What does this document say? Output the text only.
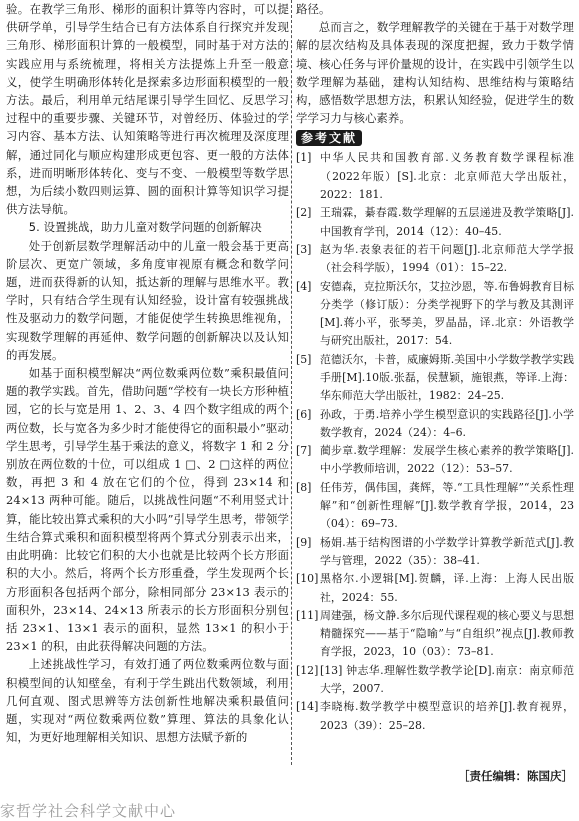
验。在教学三角形、梯形的面积计算等内容时，可以提供研学单，引导学生结合已有方法体系自行探究并发现三角形、梯形面积计算的一般模型，同时基于对方法的实践应用与系统梳理，将相关方法提炼上升至一般意义，使学生明确形体转化是探索多边形面积模型的一般方法。最后，利用单元结尾课引导学生回忆、反思学习过程中的重要步骤、关键环节，对曾经历、体验过的学习内容、基本方法、认知策略等进行再次梳理及深度理解，通过同化与顺应构建形成更包容、更一般的方法体系，进而明晰形体转化、变与不变、一般模型等数学思想，为后续小数四则运算、圆的面积计算等知识学习提供方法导航。

5. 设置挑战，助力儿童对数学问题的创新解决

处于创新层数学理解活动中的儿童一般会基于更高阶层次、更宽广领域，多角度审视原有概念和数学问题，进而获得新的认知，抵达新的理解与思维水平。教学时，只有结合学生现有认知经验，设计富有较强挑战性及驱动力的数学问题，才能促使学生转换思维视角，实现数学理解的再延伸、数学问题的创新解决以及认知的再发展。

如基于面积模型解决“两位数乘两位数”乘积最值问题的教学实践。首先，借助问题“学校有一块长方形种植园，它的长与宽是用 1、2、3、4 四个数字组成的两个两位数，长与宽各为多少时才能使得它的面积最小”驱动学生思考，引导学生基于乘法的意义，将数字 1 和 2 分别放在两位数的十位，可以组成 1 □、2 □这样的两位数，再把 3 和 4 放在它们的个位，得到 23×14 和 24×13 两种可能。随后，以挑战性问题“不利用竖式计算，能比较出算式乘积的大小吗”引导学生思考，带领学生结合算式乘积和面积模型将两个算式分别表示出来，由此明确：比较它们积的大小也就是比较两个长方形面积的大小。然后，将两个长方形重叠，学生发现两个长方形面积各包括两个部分，除相同部分 23×13 表示的面积外，23×14、24×13 所表示的长方形面积分别包括 23×1、13×1 表示的面积，显然 13×1 的积小于 23×1 的积，由此获得解决问题的方法。

上述挑战性学习，有效打通了两位数乘两位数与面积模型间的认知壁垒，有利于学生跳出代数领域，利用几何直观、图式思辨等方法创新性地解决乘积最值问题，实现对“两位数乘两位数”算理、算法的具象化认知，为更好地理解相关知识、思想方法赋予新的

路径。

总而言之，数学理解教学的关键在于基于对数学理解的层次结构及具体表现的深度把握，致力于数学情境、核心任务与评价量规的设计，在实践中引领学生以数学理解为基础，建构认知结构、思维结构与策略结构，感悟数学思想方法，积累认知经验，促进学生的数学学习力与核心素养。

参考文献
[1] 中华人民共和国教育部.义务教育数学课程标准（2022年版）[S].北京：北京师范大学出版社，2022：181.
[2] 王瑞霖，綦春霞.数学理解的五层递进及教学策略[J].中国教育学刊，2014（12）：40–45.
[3] 赵为华.表象表征的若干问题[J].北京师范大学学报（社会科学版），1994（01）：15–22.
[4] 安德森，克拉斯沃尔，艾拉沙恩，等.布鲁姆教育目标分类学（修订版）：分类学视野下的学与教及其测评[M].蒋小平，张琴美，罗晶晶，译.北京：外语教学与研究出版社，2017：54.
[5] 范德沃尔，卡普，威廉姆斯.美国中小学数学教学实践手册[M].10版.张磊，侯慧颖，施银燕，等译.上海：华东师范大学出版社，1982：24–25.
[6] 孙政，于勇.培养小学生模型意识的实践路径[J].小学数学教育，2024（24）：4–6.
[7] 蔺步章.数学理解：发展学生核心素养的教学策略[J].中小学教师培训，2022（12）：53–57.
[8] 任伟芳，偶伟国，龚辉，等.“工具性理解”“关系性理解”和“创新性理解”[J].数学教育学报，2014，23（04）：69–73.
[9] 杨娟.基于结构图谱的小学数学计算教学新范式[J].教学与管理，2022（35）：38–41.
[10] 黑格尔.小逻辑[M].贺麟，译.上海：上海人民出版社，2024：55.
[11] 周建强，杨文静.多尔后现代课程观的核心要义与思想精髓探究——基于“隐喻”与“自组织”视点[J].教师教育学报，2023，10（03）：73–81.
[12] [13] 钟志华.理解性数学教学论[D].南京：南京师范大学，2007.
[14] 李晓梅.数学教学中模型意识的培养[J].教育视界，2023（39）：25–28.
［责任编辑：陈国庆］
家哲学社会科学文献中心
